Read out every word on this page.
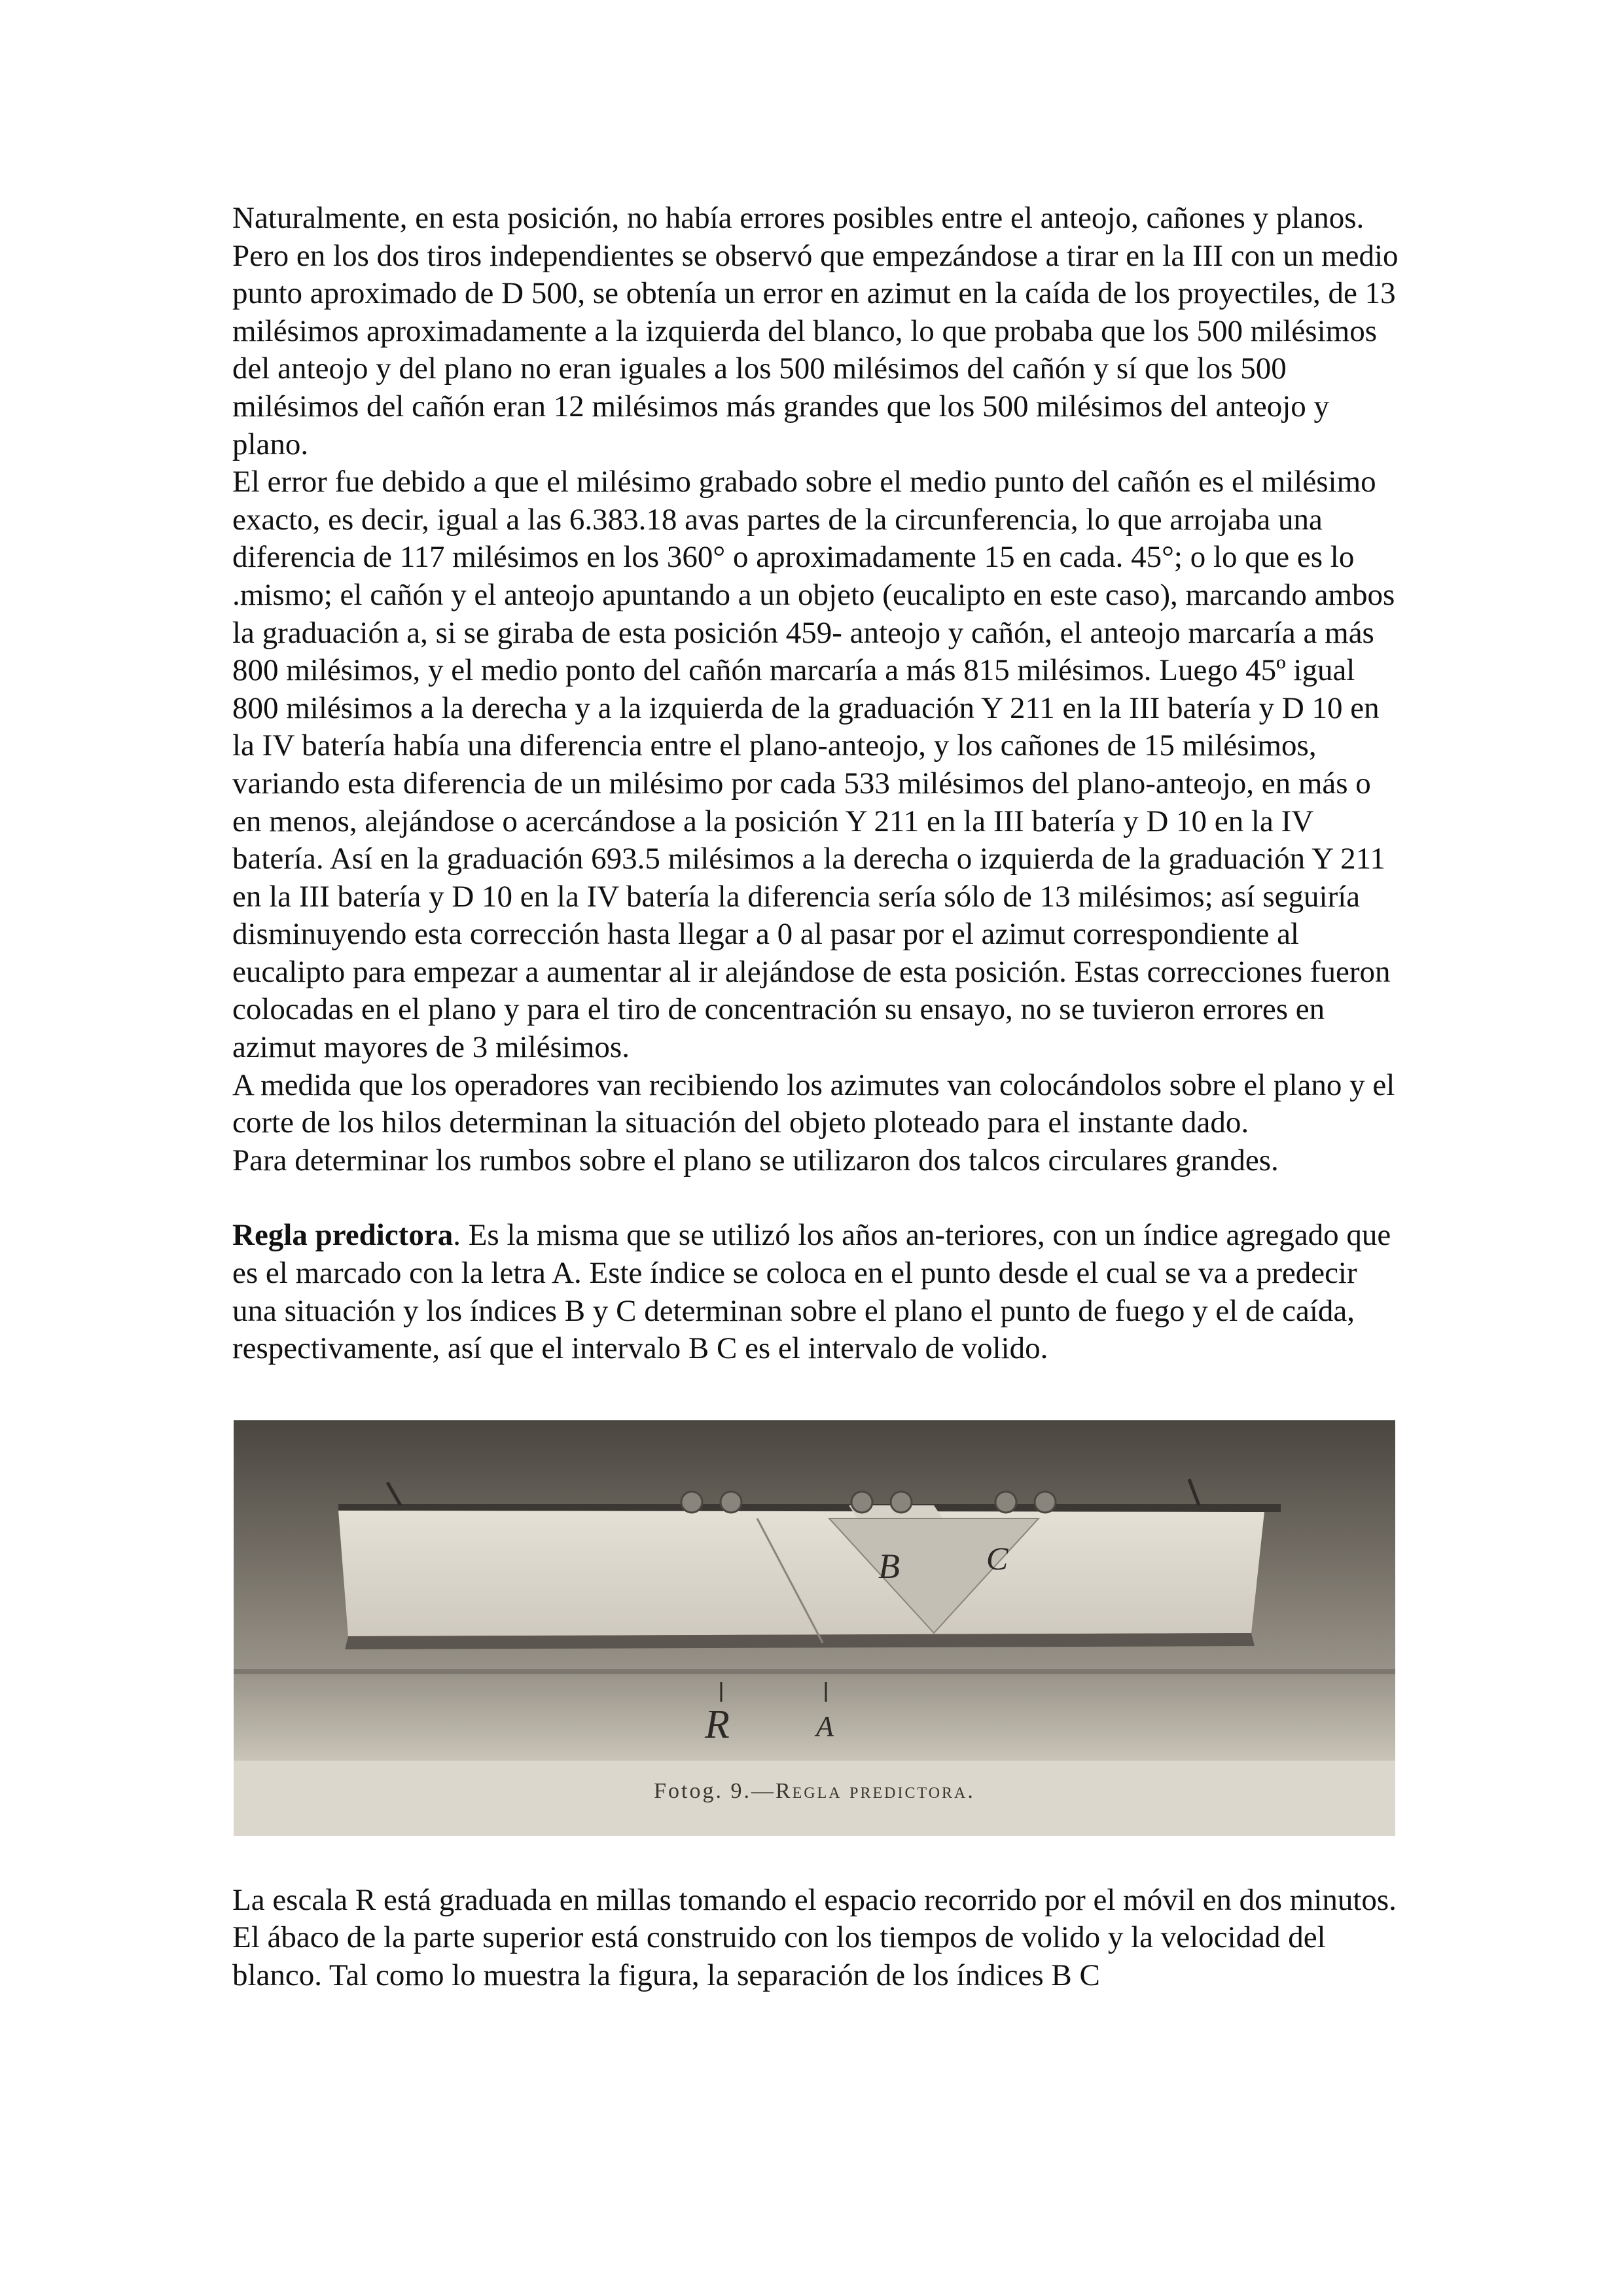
Naturalmente, en esta posición, no había errores posibles entre el anteojo, cañones y planos. Pero en los dos tiros independientes se observó que empezándose a tirar en la III con un medio punto aproximado de D 500, se obtenía un error en azimut en la caída de los proyectiles, de 13 milésimos aproximadamente a la izquierda del blanco, lo que probaba que los 500 milésimos del anteojo y del plano no eran iguales a los 500 milésimos del cañón y sí que los 500 milésimos del cañón eran 12 milésimos más grandes que los 500 milésimos del anteojo y plano.

El error fue debido a que el milésimo grabado sobre el medio punto del cañón es el milésimo exacto, es decir, igual a las 6.383.18 avas partes de la circunferencia, lo que arrojaba una diferencia de 117 milésimos en los 360° o aproximadamente 15 en cada. 45°; o lo que es lo .mismo; el cañón y el anteojo apuntando a un objeto (eucalipto en este caso), marcando ambos la graduación a, si se giraba de esta posición 459- anteojo y cañón, el anteojo marcaría a más 800 milésimos, y el medio ponto del cañón marcaría a más 815 milésimos. Luego 45º igual 800 milésimos a la derecha y a la izquierda de la graduación Y 211 en la III batería y D 10 en la IV batería había una diferencia entre el plano-anteojo, y los cañones de 15 milésimos, variando esta diferencia de un milésimo por cada 533 milésimos del plano-anteojo, en más o en menos, alejándose o acercándose a la posición Y 211 en la III batería y D 10 en la IV batería. Así en la graduación 693.5 milésimos a la derecha o izquierda de la graduación Y 211 en la III batería y D 10 en la IV batería la diferencia sería sólo de 13 milésimos; así seguiría disminuyendo esta corrección hasta llegar a 0 al pasar por el azimut correspondiente al eucalipto para empezar a aumentar al ir alejándose de esta posición. Estas correcciones fueron colocadas en el plano y para el tiro de concentración su ensayo, no se tuvieron errores en azimut mayores de 3 milésimos.

A medida que los operadores van recibiendo los azimutes van colocándolos sobre el plano y el corte de los hilos determinan la situación del objeto ploteado para el instante dado.

Para determinar los rumbos sobre el plano se utilizaron dos talcos circulares grandes.

Regla predictora. Es la misma que se utilizó los años an-teriores, con un índice agregado que es el marcado con la letra A. Este índice se coloca en el punto desde el cual se va a predecir una situación y los índices B y C determinan sobre el plano el punto de fuego y el de caída, respectivamente, así que el intervalo B C es el intervalo de volido.

B	C
R	A
Fotog. 9.—Regla predictora.

La escala R está graduada en millas tomando el espacio recorrido por el móvil en dos minutos. El ábaco de la parte superior está construido con los tiempos de volido y la velocidad del blanco. Tal como lo muestra la figura, la separación de los índices B C
